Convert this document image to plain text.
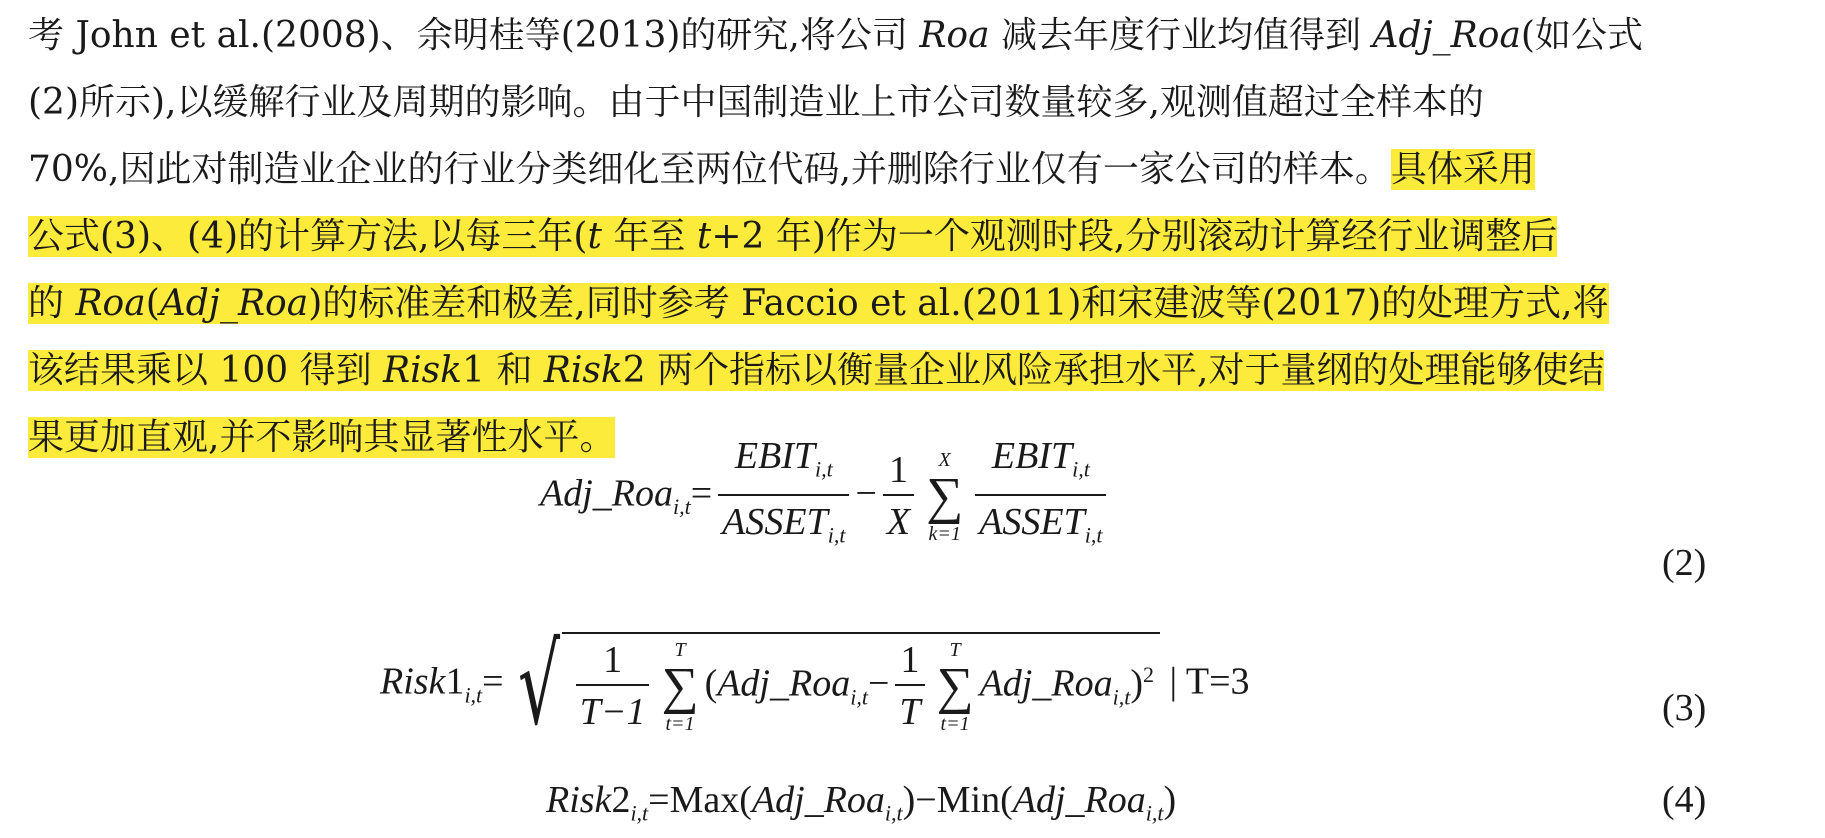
考 John et al.(2008)、余明桂等(2013)的研究,将公司 Roa 减去年度行业均值得到 Adj_Roa(如公式
(2)所示),以缓解行业及周期的影响。由于中国制造业上市公司数量较多,观测值超过全样本的
70%,因此对制造业企业的行业分类细化至两位代码,并删除行业仅有一家公司的样本。具体采用
公式(3)、(4)的计算方法,以每三年(t 年至 t+2 年)作为一个观测时段,分别滚动计算经行业调整后
的 Roa(Adj_Roa)的标准差和极差,同时参考 Faccio et al.(2011)和宋建波等(2017)的处理方式,将
该结果乘以 100 得到 Risk1 和 Risk2 两个指标以衡量企业风险承担水平,对于量纲的处理能够使结
果更加直观,并不影响其显著性水平。
Adj_Roa$_{i,t}$= $\frac{EBIT_{i,t}}{ASSET_{i,t}} - \frac{1}{X}$	X
∑
$k=1 \frac{EBIT_{i,t}}{ASSET_{i,t}}$
(2)
$Risk1_{i,t}=$ √ $\frac{1}{T-1}$	T
∑
t=1
(Adj_Roa$_{i,t}$− $\frac{1}{T}$	T
∑
t=1
Adj_Roa$_{i,t}$)$^2$ | T=3
(3)
$Risk2_{i,t}=Max(Adj\_Roa_{i,t})-Min(Adj\_Roa_{i,t})$	(4)
